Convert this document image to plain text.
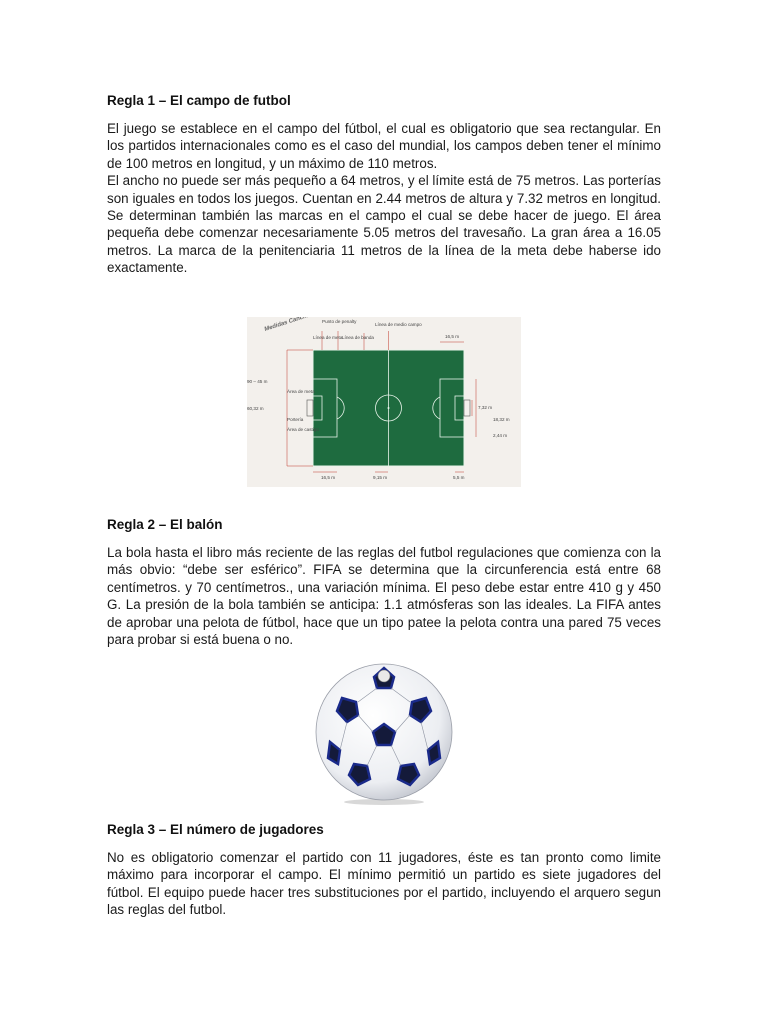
Regla 1 – El campo de futbol
El juego se establece en el campo del fútbol, el cual es obligatorio que sea rectangular. En los partidos internacionales como es el caso del mundial, los campos deben tener el mínimo de 100 metros en longitud, y un máximo de 110 metros.
El ancho no puede ser más pequeño a 64 metros, y el límite está de 75 metros. Las porterías son iguales en todos los juegos. Cuentan en 2.44 metros de altura y 7.32 metros en longitud. Se determinan también las marcas en el campo el cual se debe hacer de juego. El área pequeña debe comenzar necesariamente 5.05 metros del travesaño. La gran área a 16.05 metros. La marca de la penitenciaria 11 metros de la línea de la meta debe haberse ido exactamente.
Medidas Cancha Punto de penalty
Línea de meta Línea de banda
Línea de medio campo
Área de meta
Portería
Área de castigo
90 – 45 m
60,32 m
16,5 m
16,5 m	9,15 m	5,5 m
7,32 m
18,32 m
2,44 m
Regla 2 – El balón

La bola hasta el libro más reciente de las reglas del futbol regulaciones que comienza con la más obvio: “debe ser esférico”. FIFA se determina que la circunferencia está entre 68 centímetros. y 70 centímetros., una variación mínima. El peso debe estar entre 410 g y 450 G. La presión de la bola también se anticipa: 1.1 atmósferas son las ideales. La FIFA antes de aprobar una pelota de fútbol, hace que un tipo patee la pelota contra una pared 75 veces para probar si está buena o no.

Regla 3 – El número de jugadores

No es obligatorio comenzar el partido con 11 jugadores, éste es tan pronto como limite máximo para incorporar el campo. El mínimo permitió un partido es siete jugadores del fútbol. El equipo puede hacer tres substituciones por el partido, incluyendo el arquero segun las reglas del futbol.
